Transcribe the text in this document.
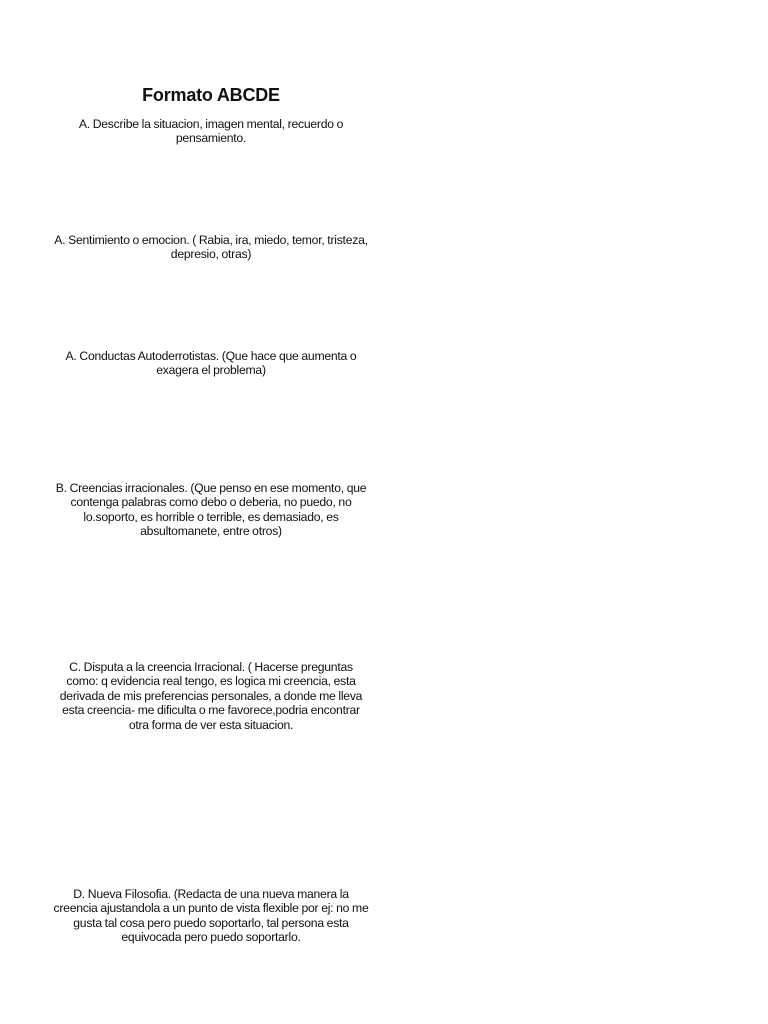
Formato ABCDE
A. Describe la situacion, imagen mental, recuerdo o pensamiento.
A. Sentimiento o emocion. ( Rabia, ira, miedo, temor, tristeza, depresio, otras)
A. Conductas Autoderrotistas. (Que hace que aumenta o exagera el problema)
B. Creencias irracionales. (Que penso en ese momento, que contenga palabras como debo o deberia, no puedo, no lo.soporto, es horrible o terrible, es demasiado, es absultomanete, entre otros)
C. Disputa a la creencia Irracional. ( Hacerse preguntas como: q evidencia real tengo, es logica mi creencia, esta derivada de mis preferencias personales, a donde me lleva esta creencia- me dificulta o me favorece,podria encontrar otra forma de ver esta situacion.
D. Nueva Filosofia. (Redacta de una nueva manera la creencia ajustandola a un punto de vista flexible por ej: no me gusta tal cosa pero puedo soportarlo, tal persona esta equivocada pero puedo soportarlo.
